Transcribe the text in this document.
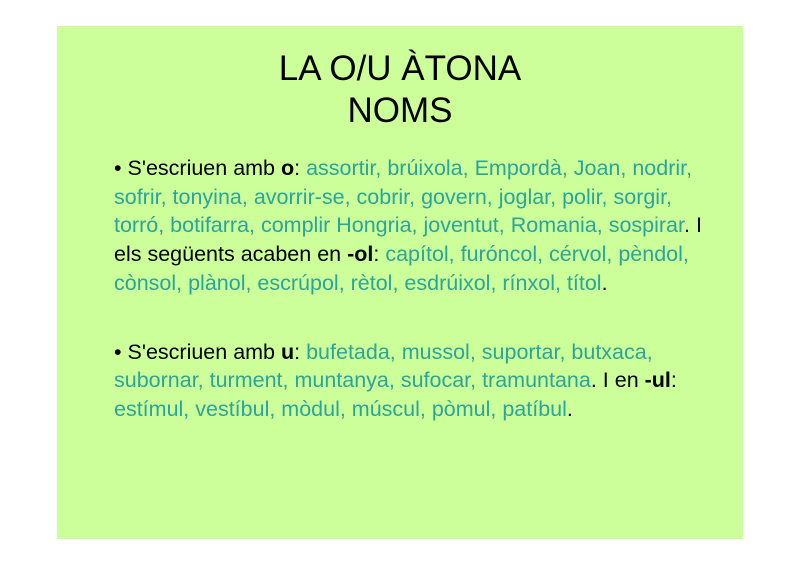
LA O/U ÀTONA
NOMS

• S'escriuen amb o: assortir, brúixola, Empordà, Joan, nodrir, sofrir, tonyina, avorrir-se, cobrir, govern, joglar, polir, sorgir, torró, botifarra, complir Hongria, joventut, Romania, sospirar. I els següents acaben en -ol: capítol, furóncol, cérvol, pèndol, cònsol, plànol, escrúpol, rètol, esdrúixol, rínxol, títol.

• S'escriuen amb u: bufetada, mussol, suportar, butxaca, subornar, turment, muntanya, sufocar, tramuntana. I en -ul: estímul, vestíbul, mòdul, múscul, pòmul, patíbul.
